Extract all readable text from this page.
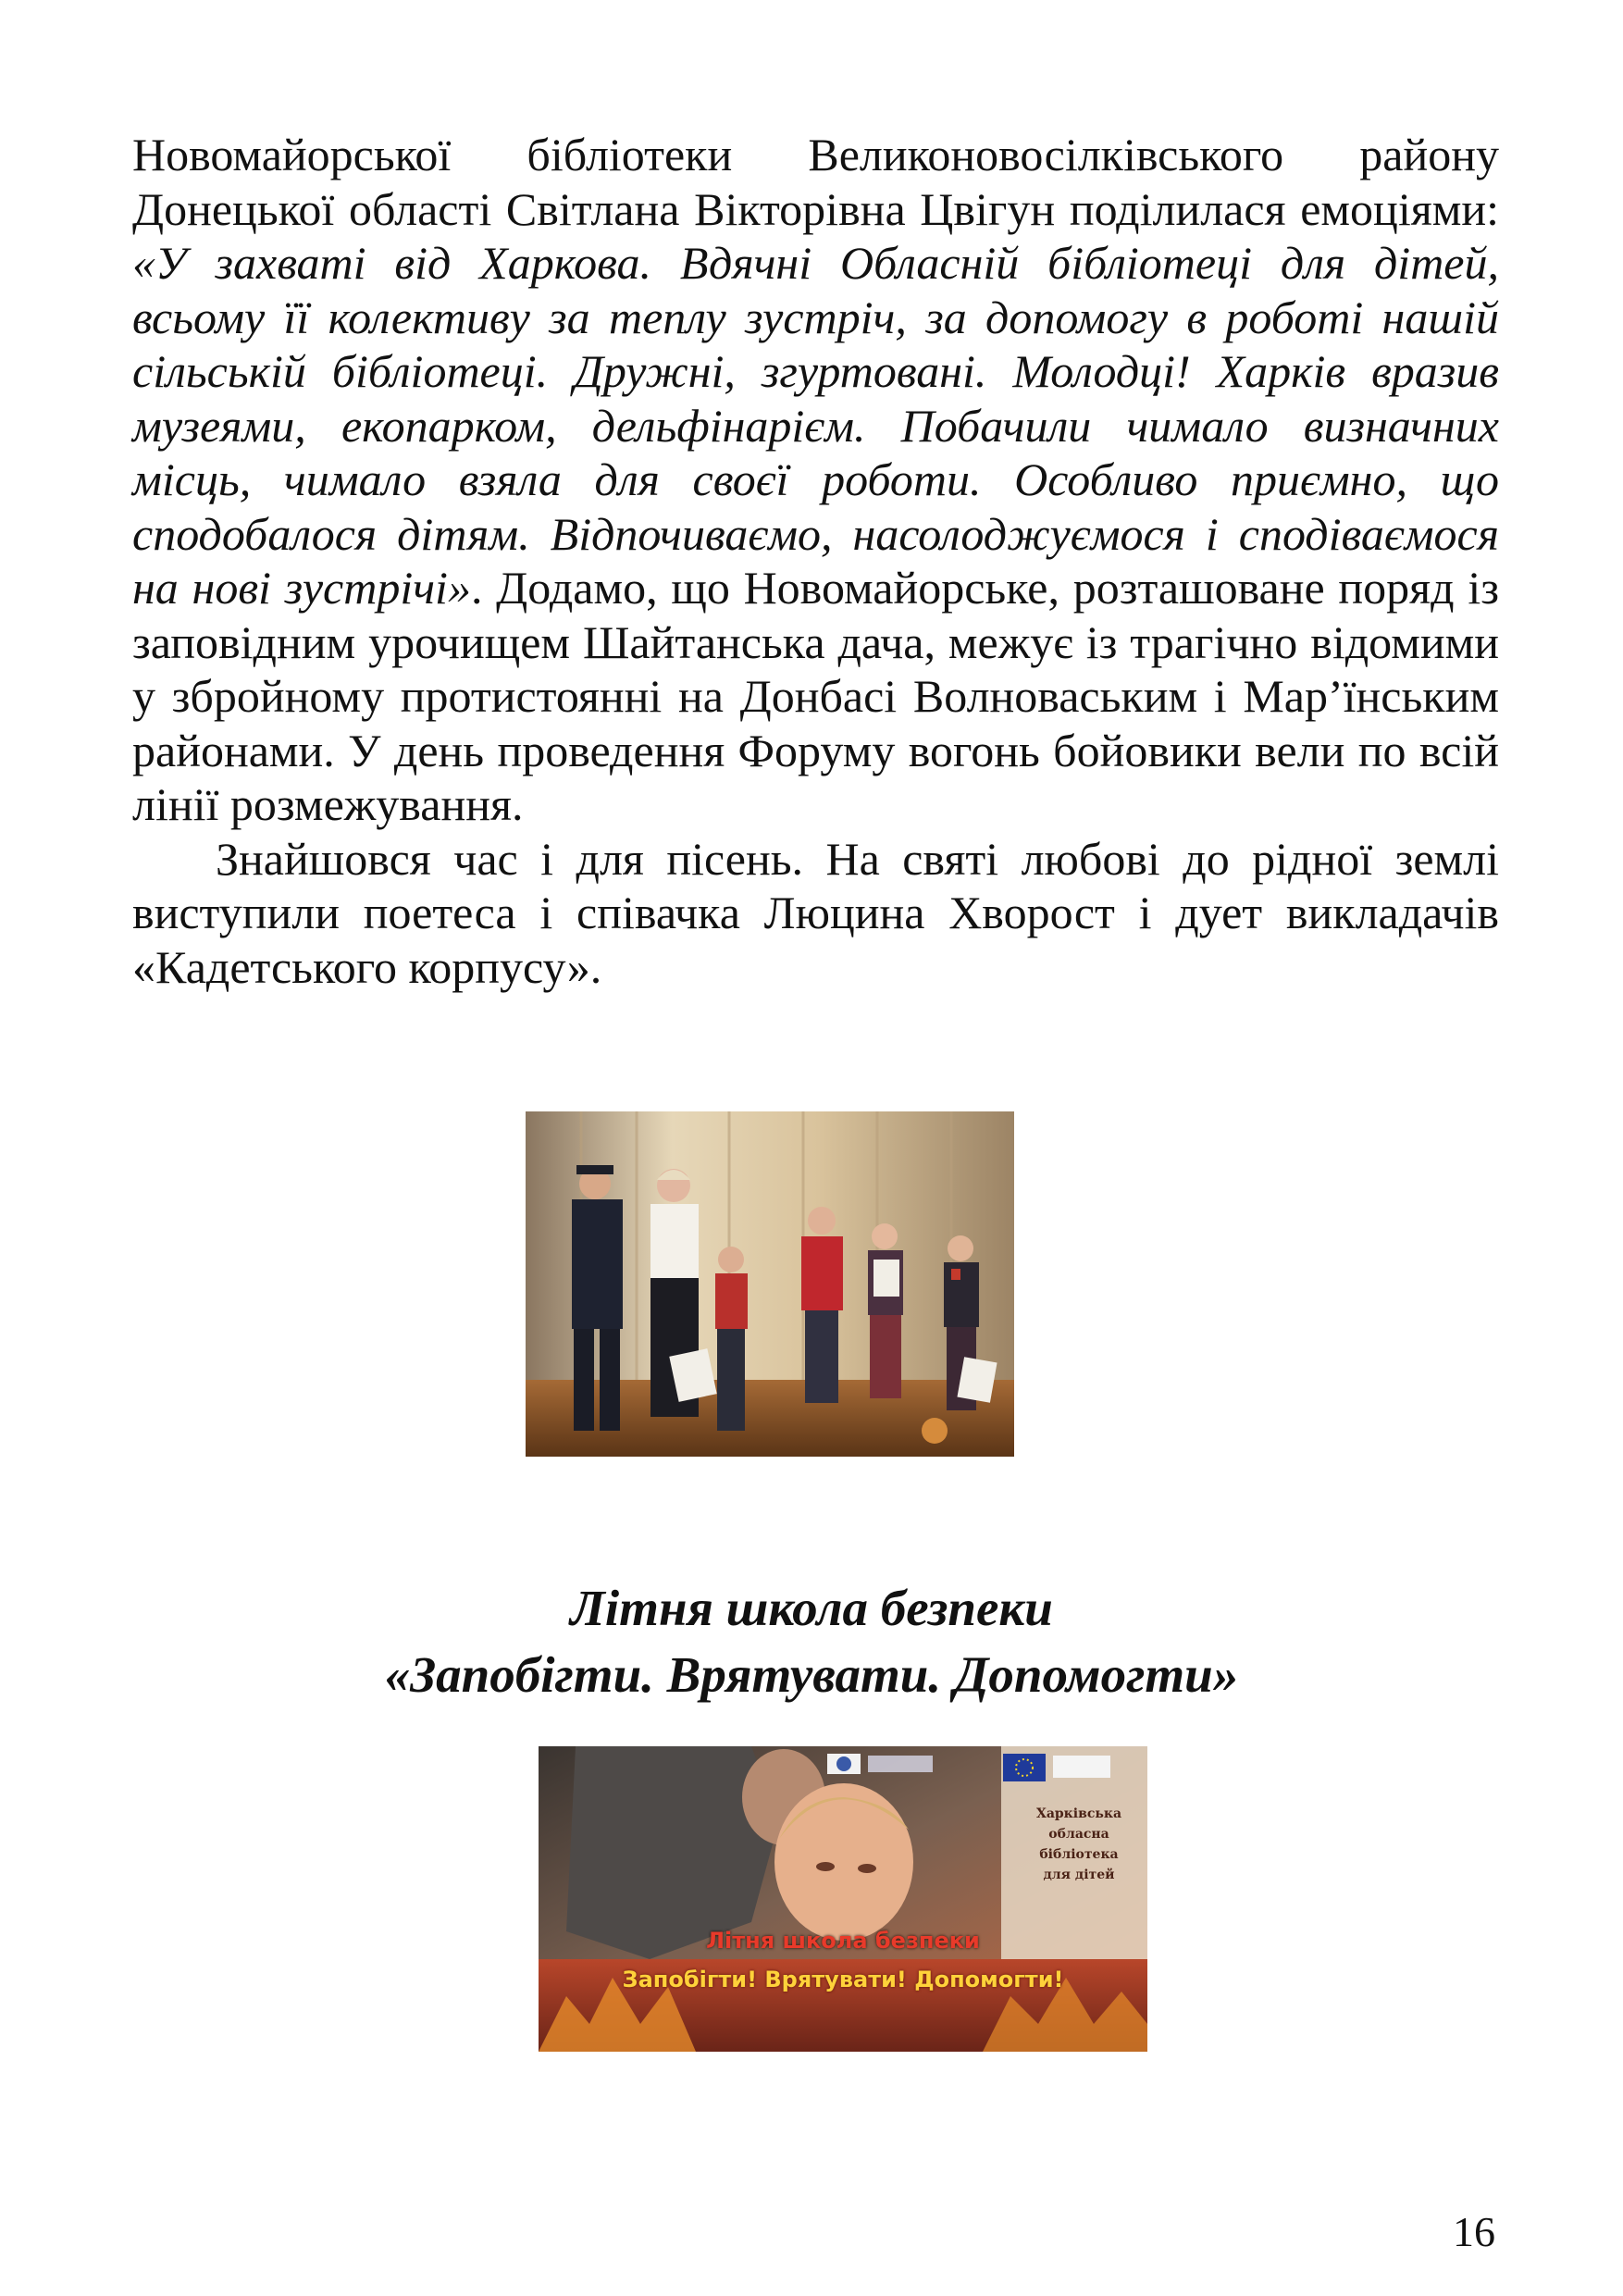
Новомайорської бібліотеки Великоновосілківського району Донецької області Світлана Вікторівна Цвігун поділилася емоціями: «У захваті від Харкова. Вдячні Обласній бібліотеці для дітей, всьому її колективу за теплу зустріч, за допомогу в роботі нашій сільській бібліотеці. Дружні, згуртовані. Молодці! Харків вразив музеями, екопарком, дельфінарієм. Побачили чимало визначних місць, чимало взяла для своєї роботи. Особливо приємно, що сподобалося дітям. Відпочиваємо, насолоджуємося і сподіваємося на нові зустрічі». Додамо, що Новомайорське, розташоване поряд із заповідним урочищем Шайтанська дача, межує із трагічно відомими у збройному протистоянні на Донбасі Волноваським і Мар’їнським районами. У день проведення Форуму вогонь бойовики вели по всій лінії розмежування.

Знайшовся час і для пісень. На святі любові до рідної землі виступили поетеса і співачка Люцина Хворост і дует викладачів «Кадетського корпусу».

Літня школа безпеки
«Запобігти. Врятувати. Допомогти»
Харківська
обласна
бібліотека
для дітей
Літня школа безпеки
Запобігти! Врятувати! Допомогти!
16
